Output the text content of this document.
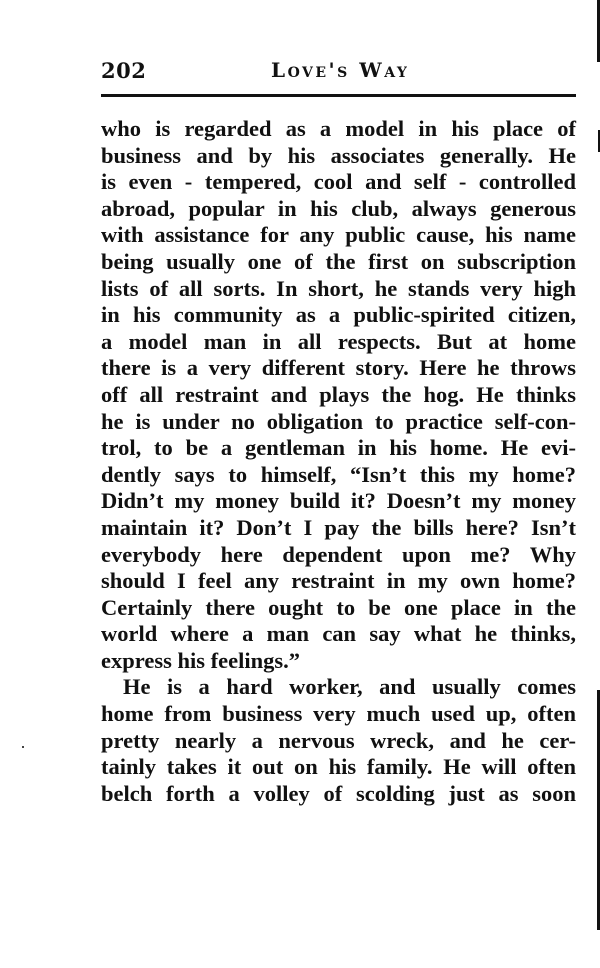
202	Love's Way
who is regarded as a model in his place of
business and by his associates generally. He
is even - tempered, cool and self - controlled
abroad, popular in his club, always generous
with assistance for any public cause, his name
being usually one of the first on subscription
lists of all sorts. In short, he stands very high
in his community as a public-spirited citizen,
a model man in all respects. But at home
there is a very different story. Here he throws
off all restraint and plays the hog. He thinks
he is under no obligation to practice self-con-
trol, to be a gentleman in his home. He evi-
dently says to himself, “Isn’t this my home?
Didn’t my money build it? Doesn’t my money
maintain it? Don’t I pay the bills here? Isn’t
everybody here dependent upon me? Why
should I feel any restraint in my own home?
Certainly there ought to be one place in the
world where a man can say what he thinks,
express his feelings.”
He is a hard worker, and usually comes
home from business very much used up, often
pretty nearly a nervous wreck, and he cer-
tainly takes it out on his family. He will often
belch forth a volley of scolding just as soon
